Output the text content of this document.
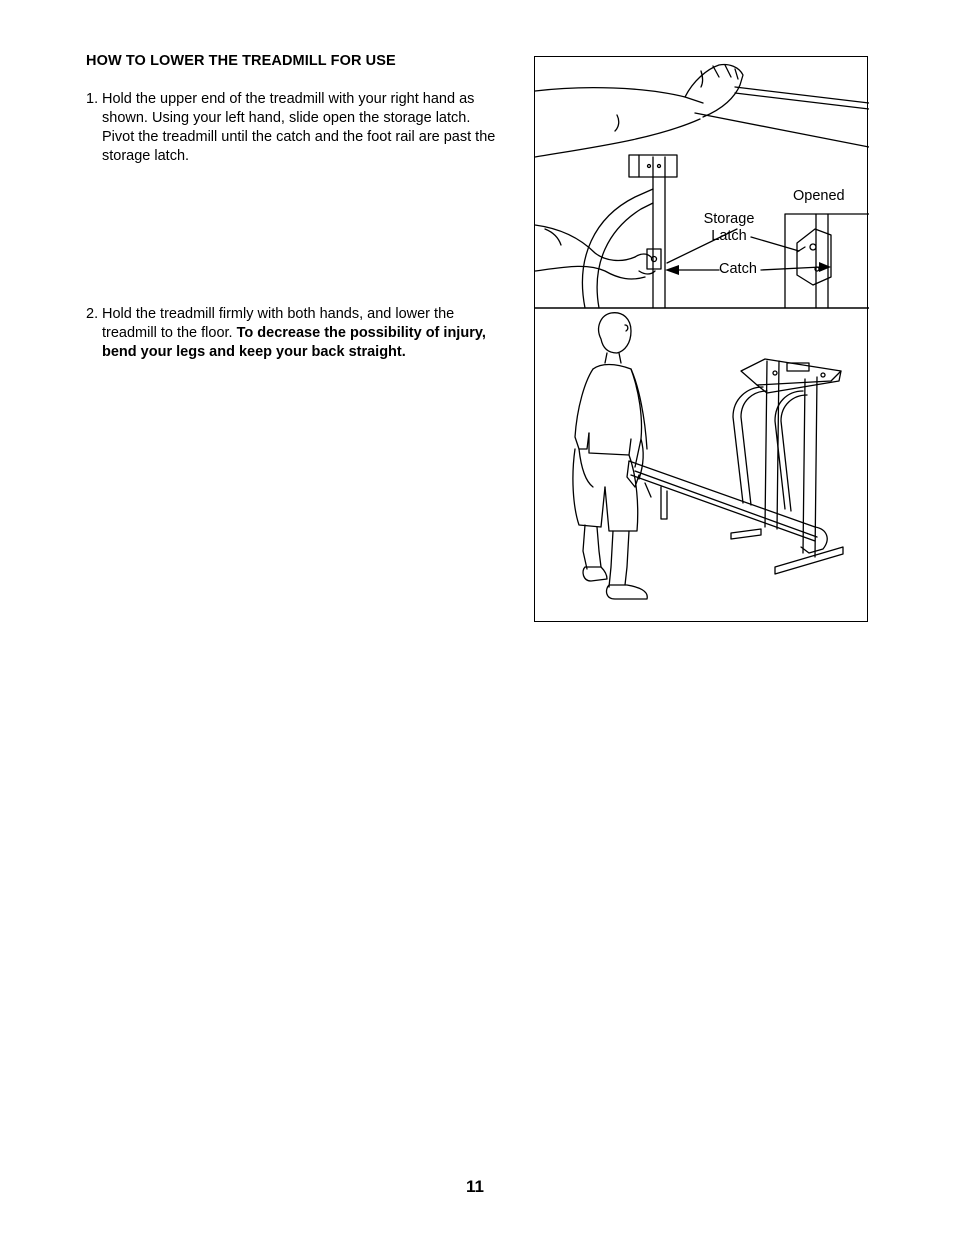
HOW TO LOWER THE TREADMILL FOR USE
1. Hold the upper end of the treadmill with your right hand as shown. Using your left hand, slide open the storage latch. Pivot the treadmill until the catch and the foot rail are past the storage latch.
2. Hold the treadmill firmly with both hands, and lower the treadmill to the floor. To decrease the possibility of injury, bend your legs and keep your back straight.
Opened
Storage
Latch
Catch
11
